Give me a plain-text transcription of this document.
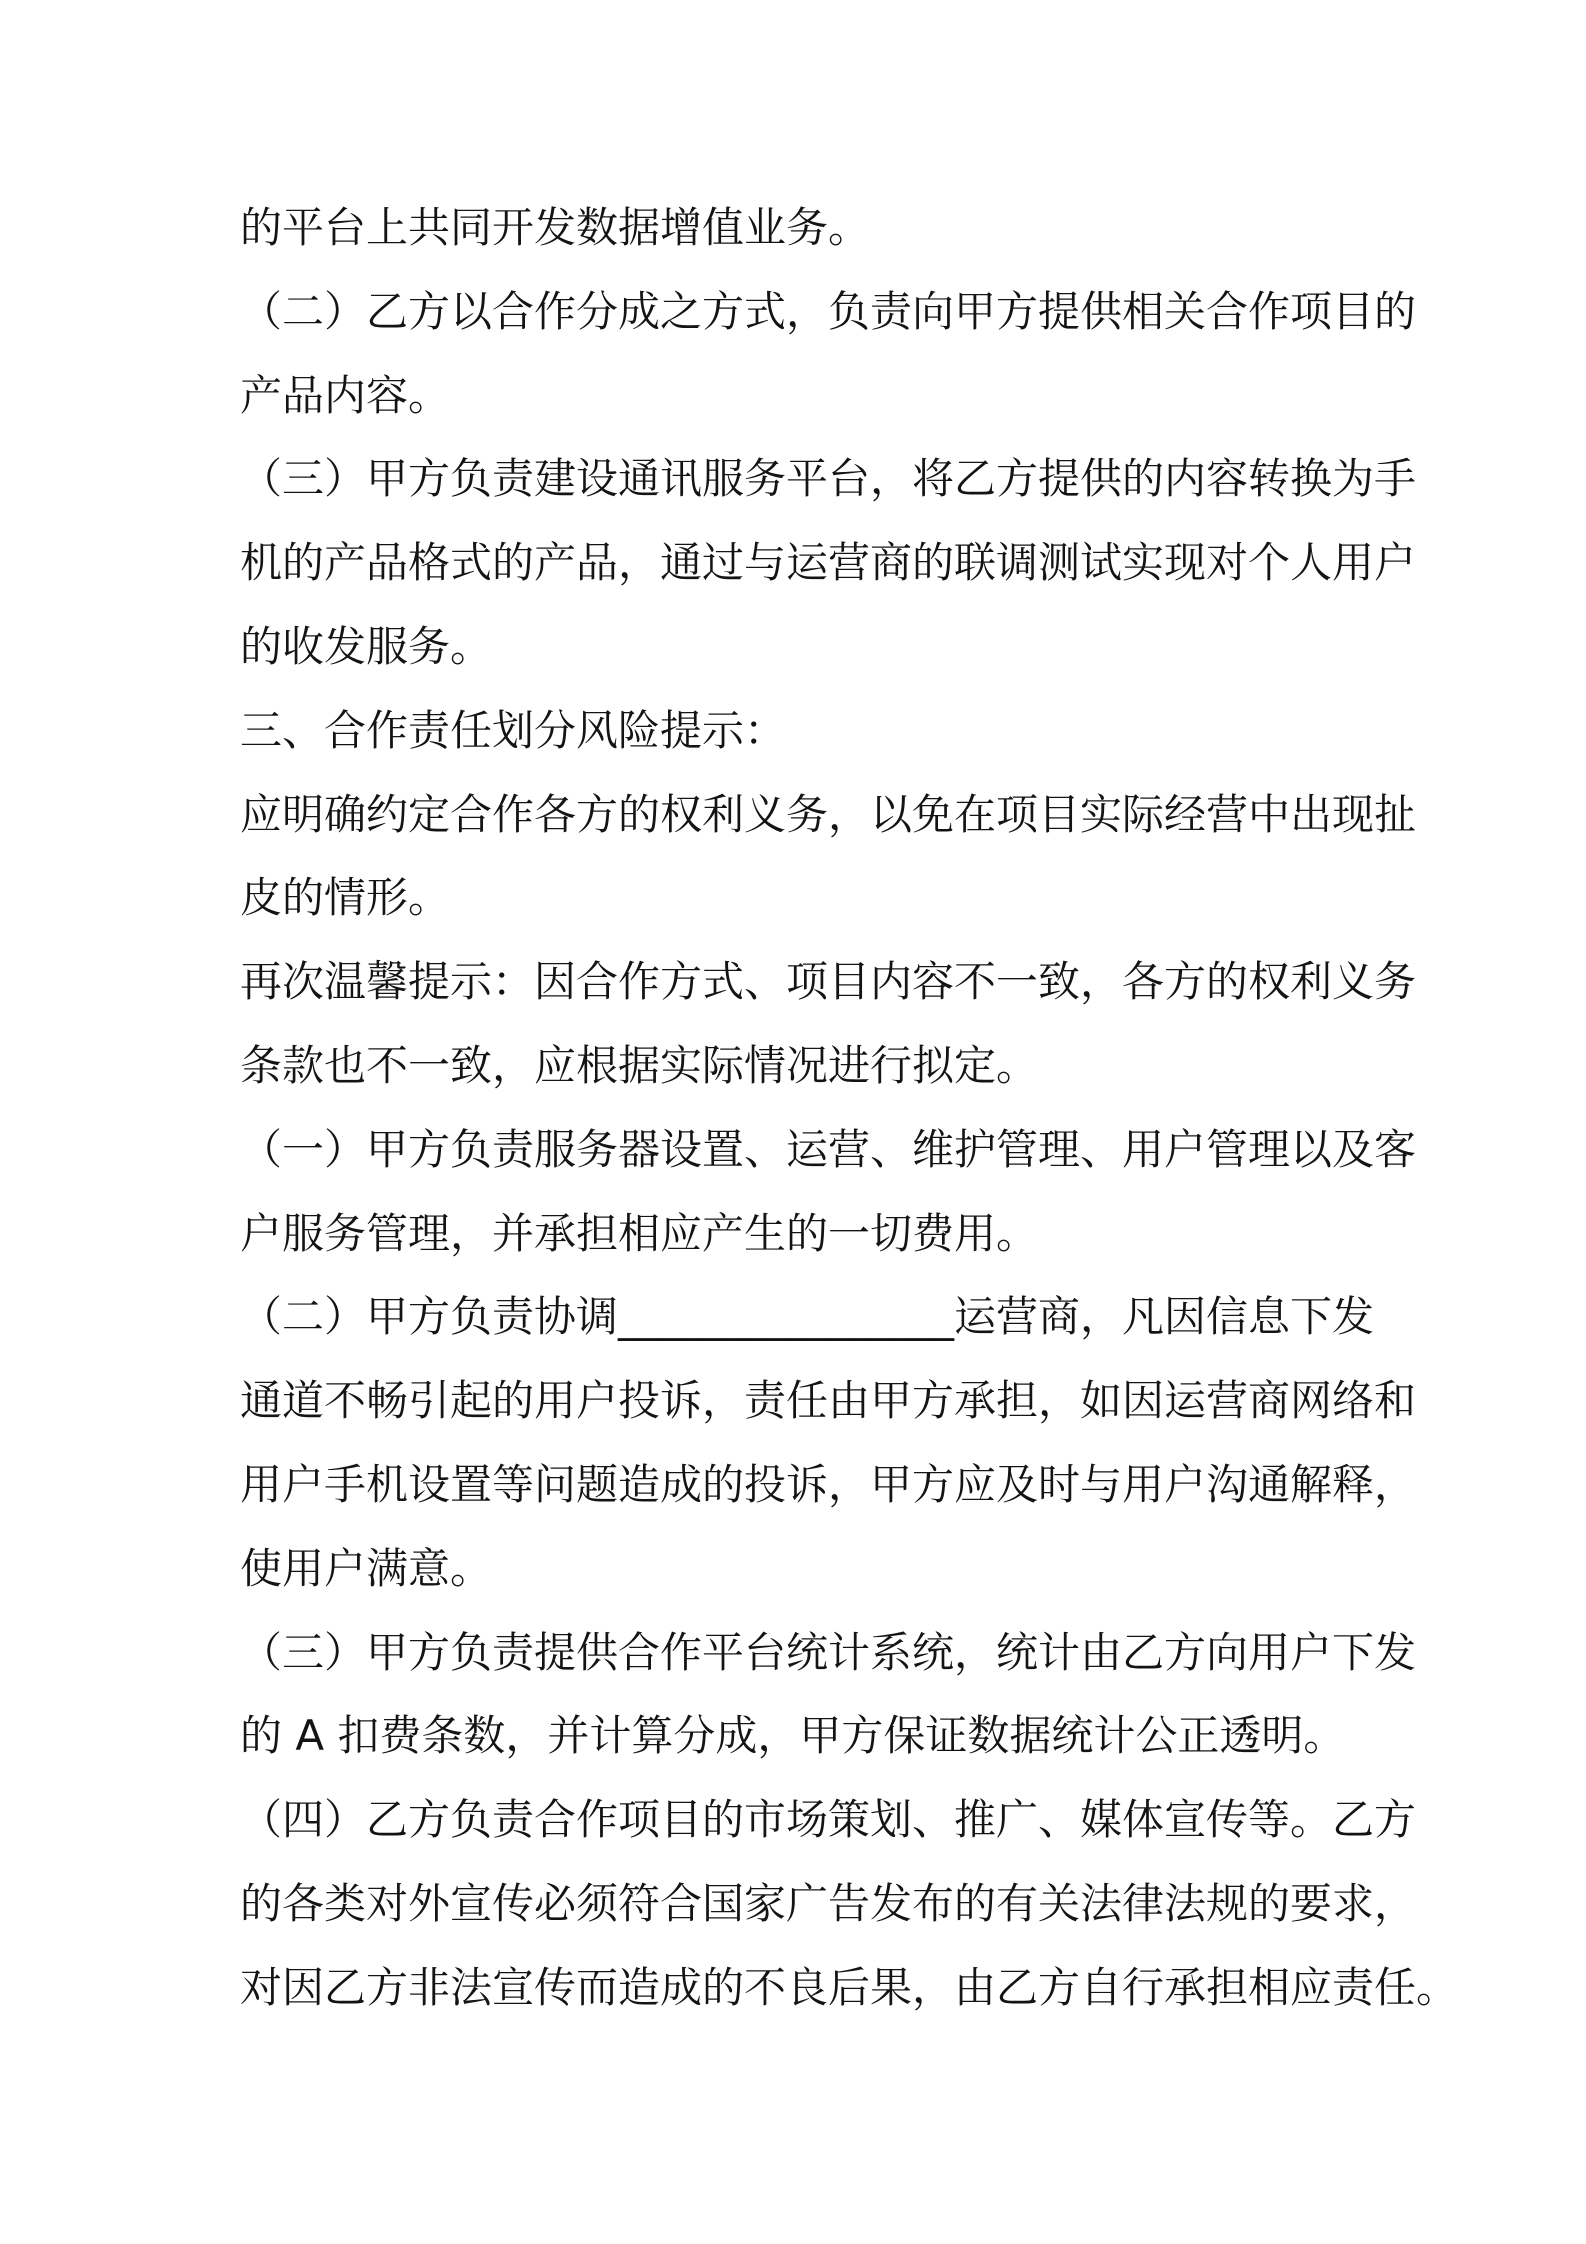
的平台上共同开发数据增值业务。
（二）乙方以合作分成之方式，负责向甲方提供相关合作项目的
产品内容。
（三）甲方负责建设通讯服务平台，将乙方提供的内容转换为手
机的产品格式的产品，通过与运营商的联调测试实现对个人用户
的收发服务。
三、合作责任划分风险提示：
应明确约定合作各方的权利义务，以免在项目实际经营中出现扯
皮的情形。
再次温馨提示：因合作方式、项目内容不一致，各方的权利义务
条款也不一致，应根据实际情况进行拟定。
（一）甲方负责服务器设置、运营、维护管理、用户管理以及客
户服务管理，并承担相应产生的一切费用。
（二）甲方负责协调________________运营商，凡因信息下发
通道不畅引起的用户投诉，责任由甲方承担，如因运营商网络和
用户手机设置等问题造成的投诉，甲方应及时与用户沟通解释，
使用户满意。
（三）甲方负责提供合作平台统计系统，统计由乙方向用户下发
的 A 扣费条数，并计算分成，甲方保证数据统计公正透明。
（四）乙方负责合作项目的市场策划、推广、媒体宣传等。乙方
的各类对外宣传必须符合国家广告发布的有关法律法规的要求，
对因乙方非法宣传而造成的不良后果，由乙方自行承担相应责任。
